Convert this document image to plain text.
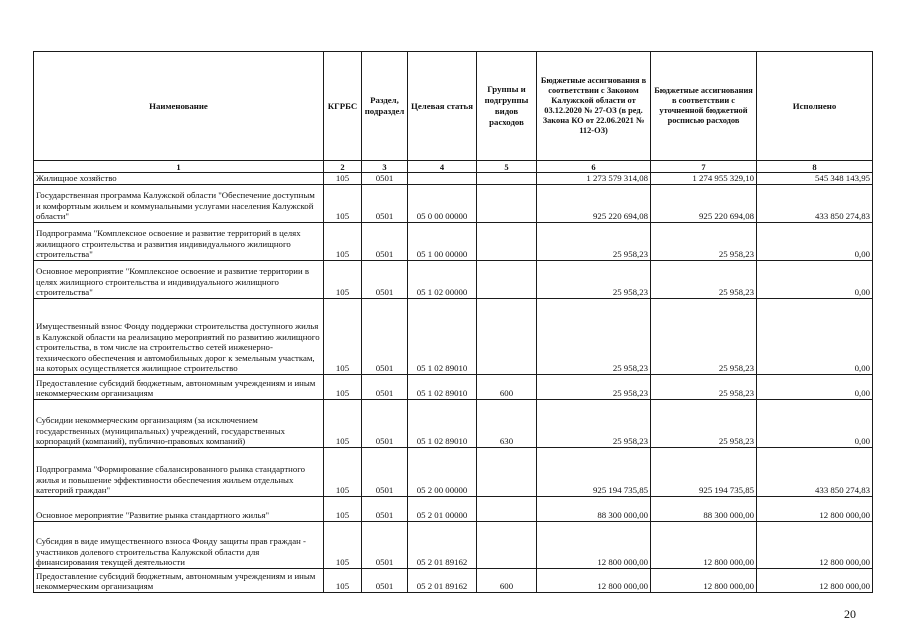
Наименование	КГРБС	Раздел, подраздел	Целевая статья	Группы и подгруппы видов расходов	Бюджетные ассигнования в соответствии с Законом Калужской области от 03.12.2020 № 27-ОЗ (в ред. Закона КО от 22.06.2021 № 112-ОЗ)	Бюджетные ассигнования в соответствии с уточненной бюджетной росписью расходов	Исполнено
1	2	3	4	5	6	7	8
Жилищное хозяйство	105	0501			1 273 579 314,08	1 274 955 329,10	545 348 143,95
Государственная программа Калужской области "Обеспечение доступным и комфортным жильем и коммунальными услугами населения Калужской области"	105	0501	05 0 00 00000		925 220 694,08	925 220 694,08	433 850 274,83
Подпрограмма "Комплексное освоение и развитие территорий в целях жилищного строительства и развития индивидуального жилищного строительства"	105	0501	05 1 00 00000		25 958,23	25 958,23	0,00
Основное мероприятие "Комплексное освоение и развитие территории в целях жилищного строительства и индивидуального жилищного строительства"	105	0501	05 1 02 00000		25 958,23	25 958,23	0,00
Имущественный взнос Фонду поддержки строительства доступного жилья в Калужской области на реализацию мероприятий по развитию жилищного строительства, в том числе на строительство сетей инженерно-технического обеспечения и автомобильных дорог к земельным участкам, на которых осуществляется жилищное строительство	105	0501	05 1 02 89010		25 958,23	25 958,23	0,00
Предоставление субсидий бюджетным, автономным учреждениям и иным некоммерческим организациям	105	0501	05 1 02 89010	600	25 958,23	25 958,23	0,00
Субсидии некоммерческим организациям (за исключением государственных (муниципальных) учреждений, государственных корпораций (компаний), публично-правовых компаний)	105	0501	05 1 02 89010	630	25 958,23	25 958,23	0,00
Подпрограмма "Формирование сбалансированного рынка стандартного жилья и повышение эффективности обеспечения жильем отдельных категорий граждан"	105	0501	05 2 00 00000		925 194 735,85	925 194 735,85	433 850 274,83
Основное мероприятие "Развитие рынка стандартного жилья"	105	0501	05 2 01 00000		88 300 000,00	88 300 000,00	12 800 000,00
Субсидия в виде имущественного взноса Фонду защиты прав граждан - участников долевого строительства Калужской области для финансирования текущей деятельности	105	0501	05 2 01 89162		12 800 000,00	12 800 000,00	12 800 000,00
Предоставление субсидий бюджетным, автономным учреждениям и иным некоммерческим организациям	105	0501	05 2 01 89162	600	12 800 000,00	12 800 000,00	12 800 000,00
20
